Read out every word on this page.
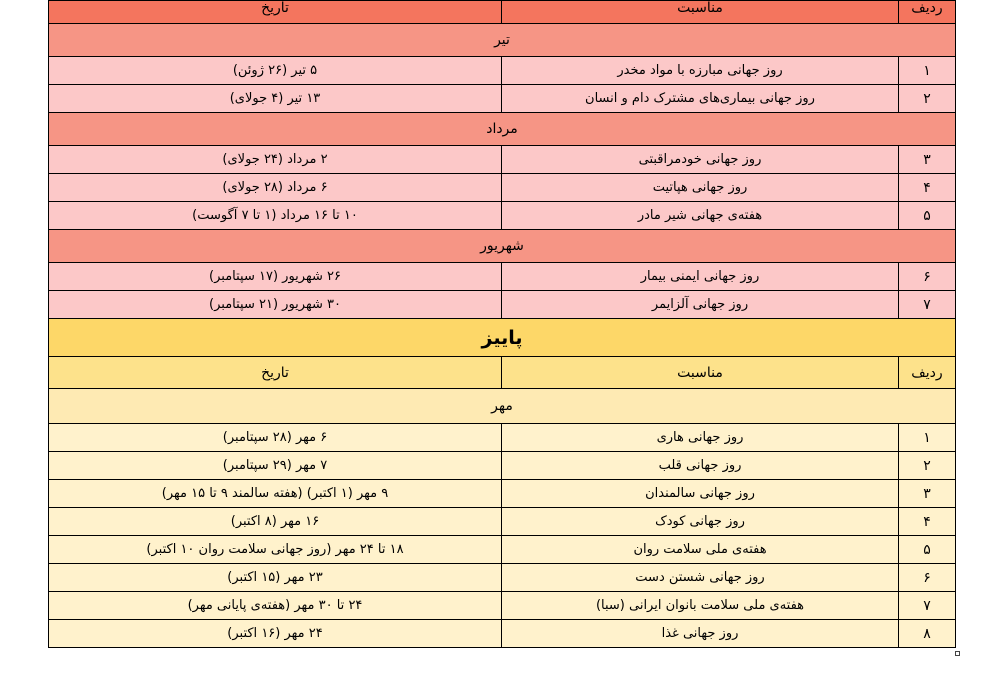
ردیف	مناسبت	تاریخ
تیر		
۱	روز جهانی مبارزه با مواد مخدر	۵ تیر (۲۶ ژوئن)
۲	روز جهانی بیماری‌های مشترک دام و انسان	۱۳ تیر (۴ جولای)
مرداد		
۳	روز جهانی خودمراقبتی	۲ مرداد (۲۴ جولای)
۴	روز جهانی هپاتیت	۶ مرداد (۲۸ جولای)
۵	هفته‌ی جهانی شیر مادر	۱۰ تا ۱۶ مرداد (۱ تا ۷ آگوست)
شهریور		
۶	روز جهانی ایمنی بیمار	۲۶ شهریور (۱۷ سپتامبر)
۷	روز جهانی آلزایمر	۳۰ شهریور (۲۱ سپتامبر)
پاییز		
ردیف	مناسبت	تاریخ
مهر		
۱	روز جهانی هاری	۶ مهر (۲۸ سپتامبر)
۲	روز جهانی قلب	۷ مهر (۲۹ سپتامبر)
۳	روز جهانی سالمندان	۹ مهر (۱ اکتبر) (هفته سالمند ۹ تا ۱۵ مهر)
۴	روز جهانی کودک	۱۶ مهر (۸ اکتبر)
۵	هفته‌ی ملی سلامت روان	۱۸ تا ۲۴ مهر (روز جهانی سلامت روان ۱۰ اکتبر)
۶	روز جهانی شستن دست	۲۳ مهر (۱۵ اکتبر)
۷	هفته‌ی ملی سلامت بانوان ایرانی (سبا)	۲۴ تا ۳۰ مهر (هفته‌ی پایانی مهر)
۸	روز جهانی غذا	۲۴ مهر (۱۶ اکتبر)
